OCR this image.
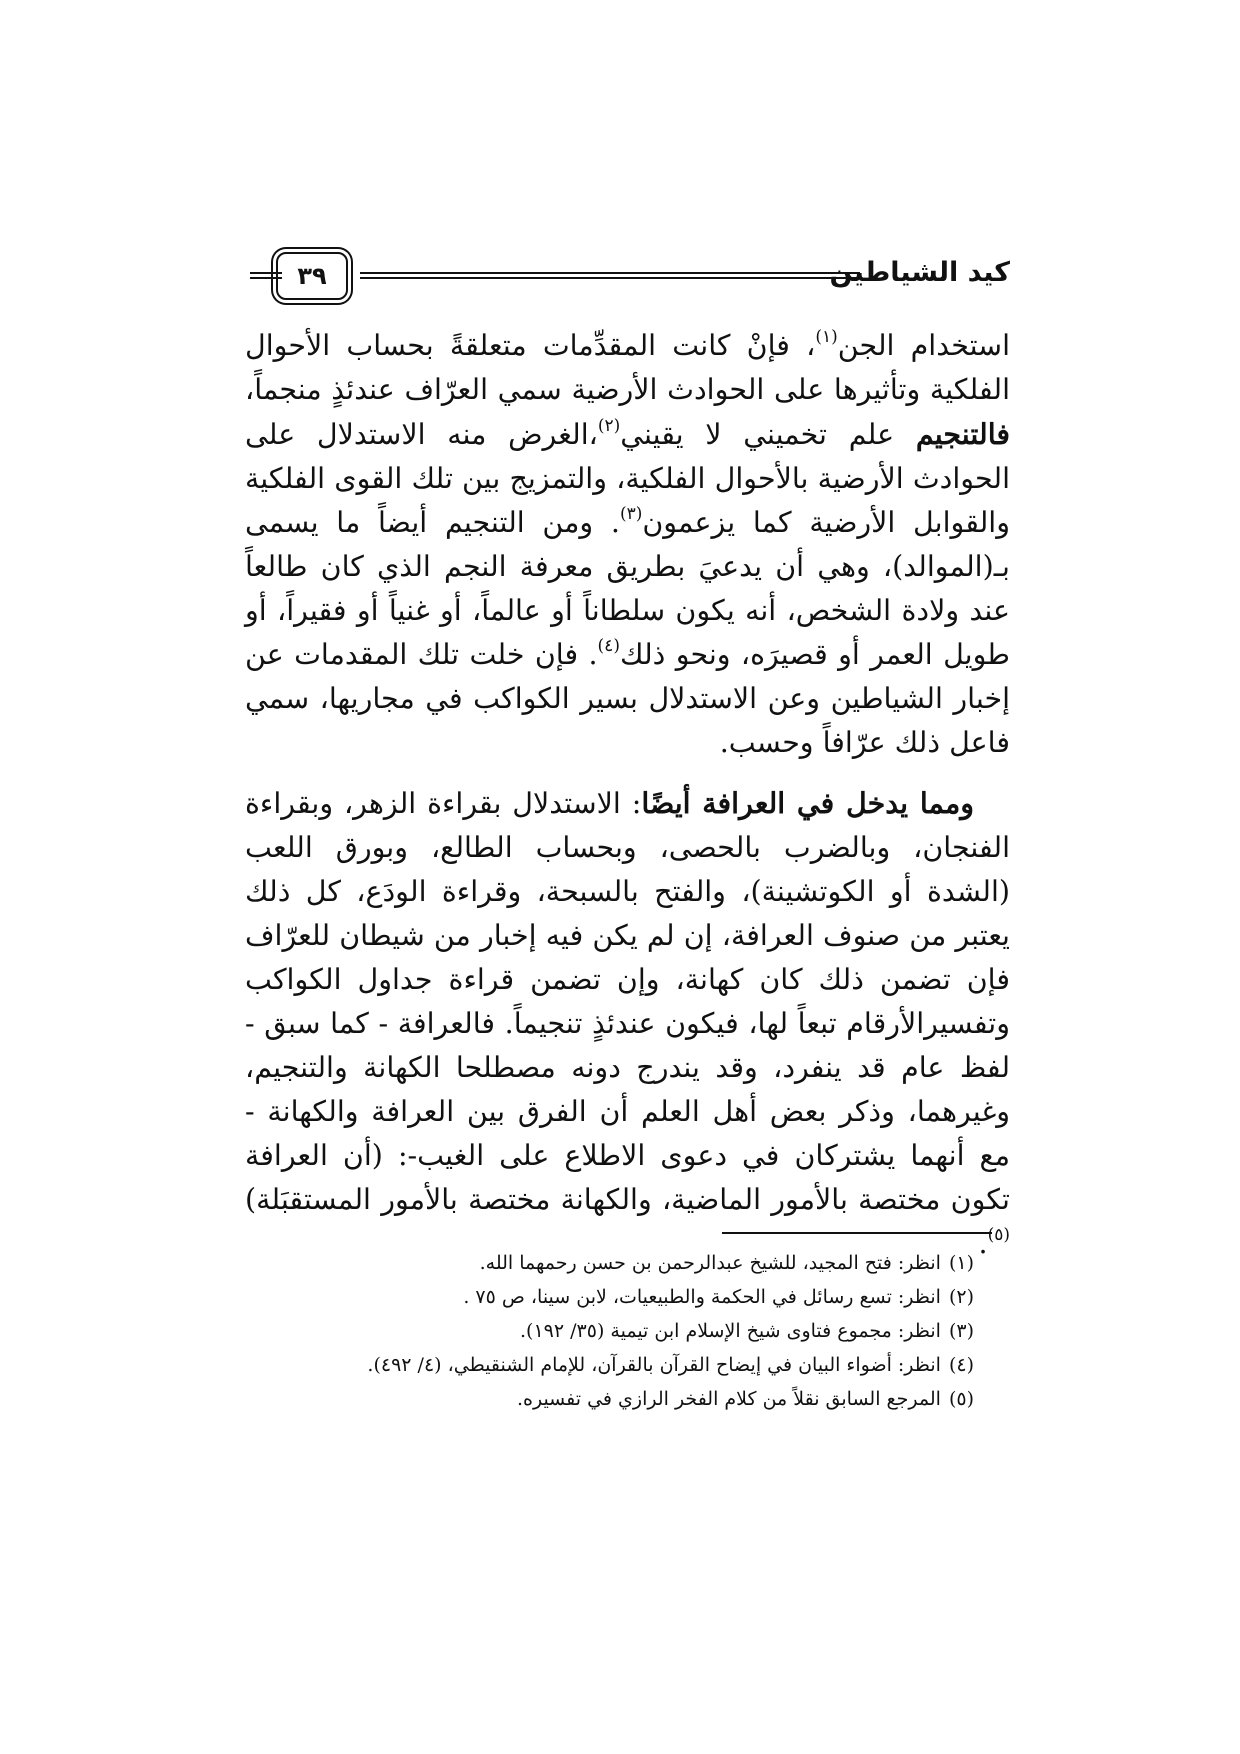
كيد الشياطين
٣٩

استخدام الجن$^{(١)}$، فإنْ كانت المقدِّمات متعلقةً بحساب الأحوال الفلكية وتأثيرها على الحوادث الأرضية سمي العرّاف عندئذٍ منجماً، فالتنجيم علم تخميني لا يقيني$^{(٢)}$،الغرض منه الاستدلال على الحوادث الأرضية بالأحوال الفلكية، والتمزيج بين تلك القوى الفلكية والقوابل الأرضية كما يزعمون$^{(٣)}$. ومن التنجيم أيضاً ما يسمى بـ(الموالد)، وهي أن يدعيَ بطريق معرفة النجم الذي كان طالعاً عند ولادة الشخص، أنه يكون سلطاناً أو عالماً، أو غنياً أو فقيراً، أو طويل العمر أو قصيرَه، ونحو ذلك$^{(٤)}$. فإن خلت تلك المقدمات عن إخبار الشياطين وعن الاستدلال بسير الكواكب في مجاريها، سمي فاعل ذلك عرّافاً وحسب.

ومما يدخل في العرافة أيضًا: الاستدلال بقراءة الزهر، وبقراءة الفنجان، وبالضرب بالحصى، وبحساب الطالع، وبورق اللعب (الشدة أو الكوتشينة)، والفتح بالسبحة، وقراءة الودَع، كل ذلك يعتبر من صنوف العرافة، إن لم يكن فيه إخبار من شيطان للعرّاف فإن تضمن ذلك كان كهانة، وإن تضمن قراءة جداول الكواكب وتفسيرالأرقام تبعاً لها، فيكون عندئذٍ تنجيماً. فالعرافة - كما سبق - لفظ عام قد ينفرد، وقد يندرج دونه مصطلحا الكهانة والتنجيم، وغيرهما، وذكر بعض أهل العلم أن الفرق بين العرافة والكهانة - مع أنهما يشتركان في دعوى الاطلاع على الغيب-: (أن العرافة تكون مختصة بالأمور الماضية، والكهانة مختصة بالأمور المستقبَلة)$^{(٥)}$.

(١)انظر: فتح المجيد، للشيخ عبدالرحمن بن حسن رحمهما الله.
(٢)انظر: تسع رسائل في الحكمة والطبيعيات، لابن سينا، ص ٧٥ .
(٣)انظر: مجموع فتاوى شيخ الإسلام ابن تيمية (٣٥/ ١٩٢).
(٤)انظر: أضواء البيان في إيضاح القرآن بالقرآن، للإمام الشنقيطي، (٤/ ٤٩٢).
(٥)المرجع السابق نقلاً من كلام الفخر الرازي في تفسيره.
